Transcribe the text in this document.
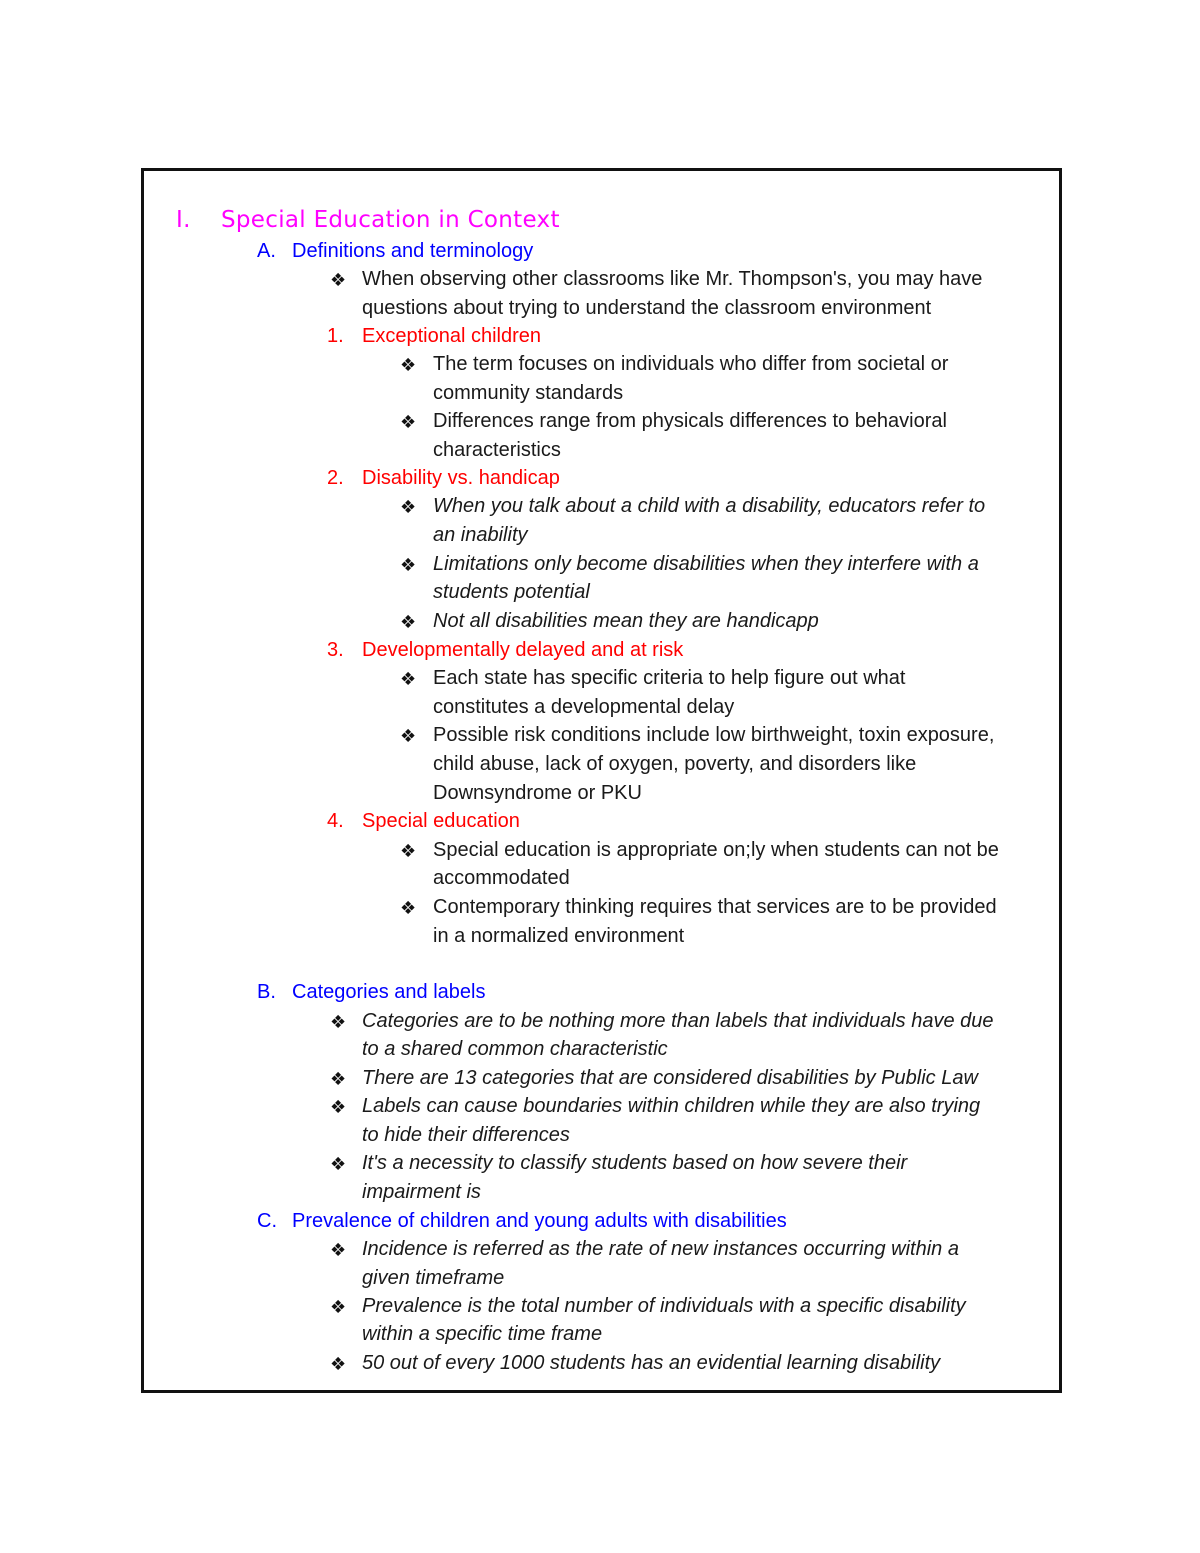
I. Special Education in Context
A. Definitions and terminology
❖ When observing other classrooms like Mr. Thompson's, you may have
questions about trying to understand the classroom environment
1. Exceptional children
❖ The term focuses on individuals who differ from societal or
community standards
❖ Differences range from physicals differences to behavioral
characteristics
2. Disability vs. handicap
❖ When you talk about a child with a disability, educators refer to
an inability
❖ Limitations only become disabilities when they interfere with a
students potential
❖ Not all disabilities mean they are handicapp
3. Developmentally delayed and at risk
❖ Each state has specific criteria to help figure out what
constitutes a developmental delay
❖ Possible risk conditions include low birthweight, toxin exposure,
child abuse, lack of oxygen, poverty, and disorders like
Downsyndrome or PKU
4. Special education
❖ Special education is appropriate on;ly when students can not be
accommodated
❖ Contemporary thinking requires that services are to be provided
in a normalized environment
B. Categories and labels
❖ Categories are to be nothing more than labels that individuals have due
to a shared common characteristic
❖ There are 13 categories that are considered disabilities by Public Law
❖ Labels can cause boundaries within children while they are also trying
to hide their differences
❖ It's a necessity to classify students based on how severe their
impairment is
C. Prevalence of children and young adults with disabilities
❖ Incidence is referred as the rate of new instances occurring within a
given timeframe
❖ Prevalence is the total number of individuals with a specific disability
within a specific time frame
❖ 50 out of every 1000 students has an evidential learning disability
